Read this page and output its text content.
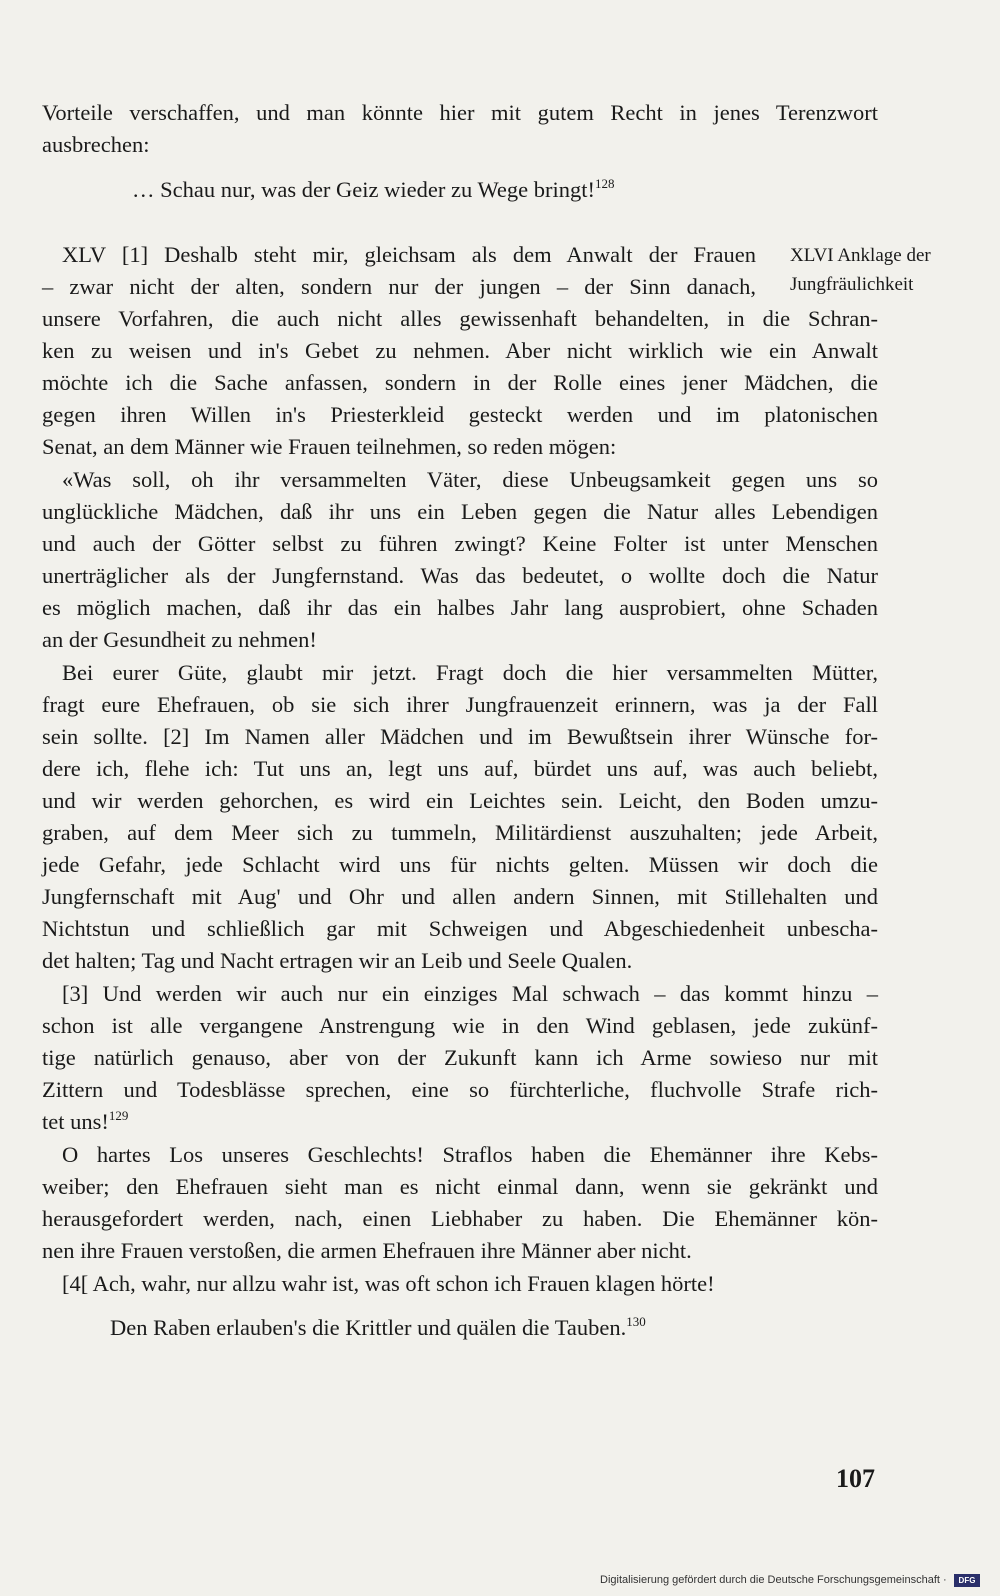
Vorteile verschaffen, und man könnte hier mit gutem Recht in jenes Terenzwort
ausbrechen:
… Schau nur, was der Geiz wieder zu Wege bringt!$^{128}$
XLV [1] Deshalb steht mir, gleichsam als dem Anwalt der Frauen
– zwar nicht der alten, sondern nur der jungen – der Sinn danach,
XLVI Anklage der
Jungfräulichkeit
unsere Vorfahren, die auch nicht alles gewissenhaft behandelten, in die Schran-
ken zu weisen und in's Gebet zu nehmen. Aber nicht wirklich wie ein Anwalt
möchte ich die Sache anfassen, sondern in der Rolle eines jener Mädchen, die
gegen ihren Willen in's Priesterkleid gesteckt werden und im platonischen
Senat, an dem Männer wie Frauen teilnehmen, so reden mögen:
«Was soll, oh ihr versammelten Väter, diese Unbeugsamkeit gegen uns so
unglückliche Mädchen, daß ihr uns ein Leben gegen die Natur alles Lebendigen
und auch der Götter selbst zu führen zwingt? Keine Folter ist unter Menschen
unerträglicher als der Jungfernstand. Was das bedeutet, o wollte doch die Natur
es möglich machen, daß ihr das ein halbes Jahr lang ausprobiert, ohne Schaden
an der Gesundheit zu nehmen!
Bei eurer Güte, glaubt mir jetzt. Fragt doch die hier versammelten Mütter,
fragt eure Ehefrauen, ob sie sich ihrer Jungfrauenzeit erinnern, was ja der Fall
sein sollte. [2] Im Namen aller Mädchen und im Bewußtsein ihrer Wünsche for-
dere ich, flehe ich: Tut uns an, legt uns auf, bürdet uns auf, was auch beliebt,
und wir werden gehorchen, es wird ein Leichtes sein. Leicht, den Boden umzu-
graben, auf dem Meer sich zu tummeln, Militärdienst auszuhalten; jede Arbeit,
jede Gefahr, jede Schlacht wird uns für nichts gelten. Müssen wir doch die
Jungfernschaft mit Aug' und Ohr und allen andern Sinnen, mit Stillehalten und
Nichtstun und schließlich gar mit Schweigen und Abgeschiedenheit unbescha-
det halten; Tag und Nacht ertragen wir an Leib und Seele Qualen.
[3] Und werden wir auch nur ein einziges Mal schwach – das kommt hinzu –
schon ist alle vergangene Anstrengung wie in den Wind geblasen, jede zukünf-
tige natürlich genauso, aber von der Zukunft kann ich Arme sowieso nur mit
Zittern und Todesblässe sprechen, eine so fürchterliche, fluchvolle Strafe rich-
tet uns!$^{129}$
O hartes Los unseres Geschlechts! Straflos haben die Ehemänner ihre Kebs-
weiber; den Ehefrauen sieht man es nicht einmal dann, wenn sie gekränkt und
herausgefordert werden, nach, einen Liebhaber zu haben. Die Ehemänner kön-
nen ihre Frauen verstoßen, die armen Ehefrauen ihre Männer aber nicht.
[4[ Ach, wahr, nur allzu wahr ist, was oft schon ich Frauen klagen hörte!
Den Raben erlauben's die Krittler und quälen die Tauben.$^{130}$
107
Digitalisierung gefördert durch die Deutsche Forschungsgemeinschaft ·	DFG
